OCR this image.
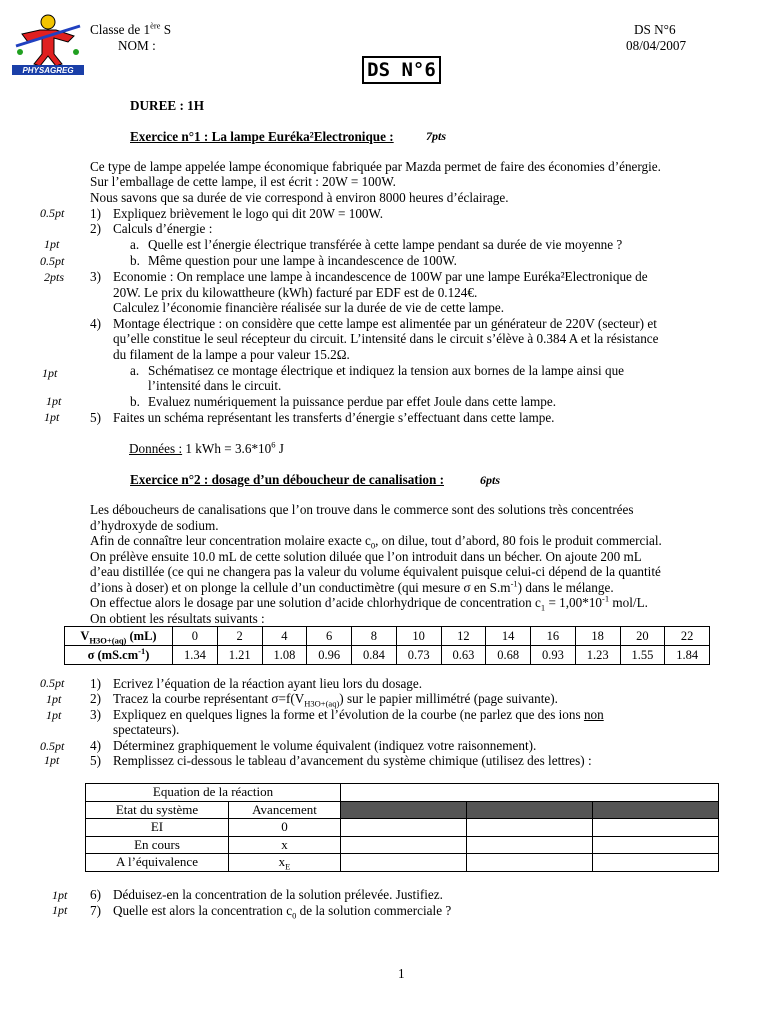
PHYSAGREG
Classe de 1ère S
NOM :
DS N°6
08/04/2007
DS N°6
DUREE : 1H
Exercice n°1 : La lampe Euréka²Electronique :	7pts
Ce type de lampe appelée lampe économique fabriquée par Mazda permet de faire des économies d’énergie.
Sur l’emballage de cette lampe, il est écrit : 20W = 100W.
Nous savons que sa durée de vie correspond à environ 8000 heures d’éclairage.
0.5pt 1) Expliquez brièvement le logo qui dit 20W = 100W.
2) Calculs d’énergie :
1pt	a. Quelle est l’énergie électrique transférée à cette lampe pendant sa durée de vie moyenne ?
0.5pt	b. Même question pour une lampe à incandescence de 100W.
2pts 3) Economie : On remplace une lampe à incandescence de 100W par une lampe Euréka²Electronique de
20W. Le prix du kilowattheure (kWh) facturé par EDF est de 0.124€.
Calculez l’économie financière réalisée sur la durée de vie de cette lampe.
4) Montage électrique : on considère que cette lampe est alimentée par un générateur de 220V (secteur) et
qu’elle constitue le seul récepteur du circuit. L’intensité dans le circuit s’élève à 0.384 A et la résistance
du filament de la lampe a pour valeur 15.2Ω.
1pt	a. Schématisez ce montage électrique et indiquez la tension aux bornes de la lampe ainsi que
l’intensité dans le circuit.
1pt	b. Evaluez numériquement la puissance perdue par effet Joule dans cette lampe.
1pt 5) Faites un schéma représentant les transferts d’énergie s’effectuant dans cette lampe.
Données : 1 kWh = $3.6*10^6$ J
Exercice n°2 : dosage d’un déboucheur de canalisation :	6pts
Les déboucheurs de canalisations que l’on trouve dans le commerce sont des solutions très concentrées
d’hydroxyde de sodium.
Afin de connaître leur concentration molaire exacte $c_0$, on dilue, tout d’abord, 80 fois le produit commercial.
On prélève ensuite 10.0 mL de cette solution diluée que l’on introduit dans un bécher. On ajoute 200 mL
d’eau distillée (ce qui ne changera pas la valeur du volume équivalent puisque celui-ci dépend de la quantité
d’ions à doser) et on plonge la cellule d’un conductimètre (qui mesure σ en $S.m^{-1}$) dans le mélange.
On effectue alors le dosage par une solution d’acide chlorhydrique de concentration $c_1 = 1,00*10^{-1}$ mol/L.
On obtient les résultats suivants :
$V_{H3O+(aq)}$ (mL)	0	2	4	6	8	10	12	14	16	18	20	22
σ $(mS.cm^{-1})$	1.34	1.21	1.08	0.96	0.84	0.73	0.63	0.68	0.93	1.23	1.55	1.84
0.5pt 1) Ecrivez l’équation de la réaction ayant lieu lors du dosage.
1pt 2) Tracez la courbe représentant $\sigma=f(V_{H3O+(aq)})$ sur le papier millimétré (page suivante).
1pt 3) Expliquez en quelques lignes la forme et l’évolution de la courbe (ne parlez que des ions non
spectateurs).
0.5pt 4) Déterminez graphiquement le volume équivalent (indiquez votre raisonnement).
1pt 5) Remplissez ci-dessous le tableau d’avancement du système chimique (utilisez des lettres) :
Equation de la réaction				
Etat du système	Avancement			
EI	0			
En cours	x			
A l’équivalence	$x_E$			
1pt 6) Déduisez-en la concentration de la solution prélevée. Justifiez.
1pt 7) Quelle est alors la concentration $c_0$ de la solution commerciale ?
1
